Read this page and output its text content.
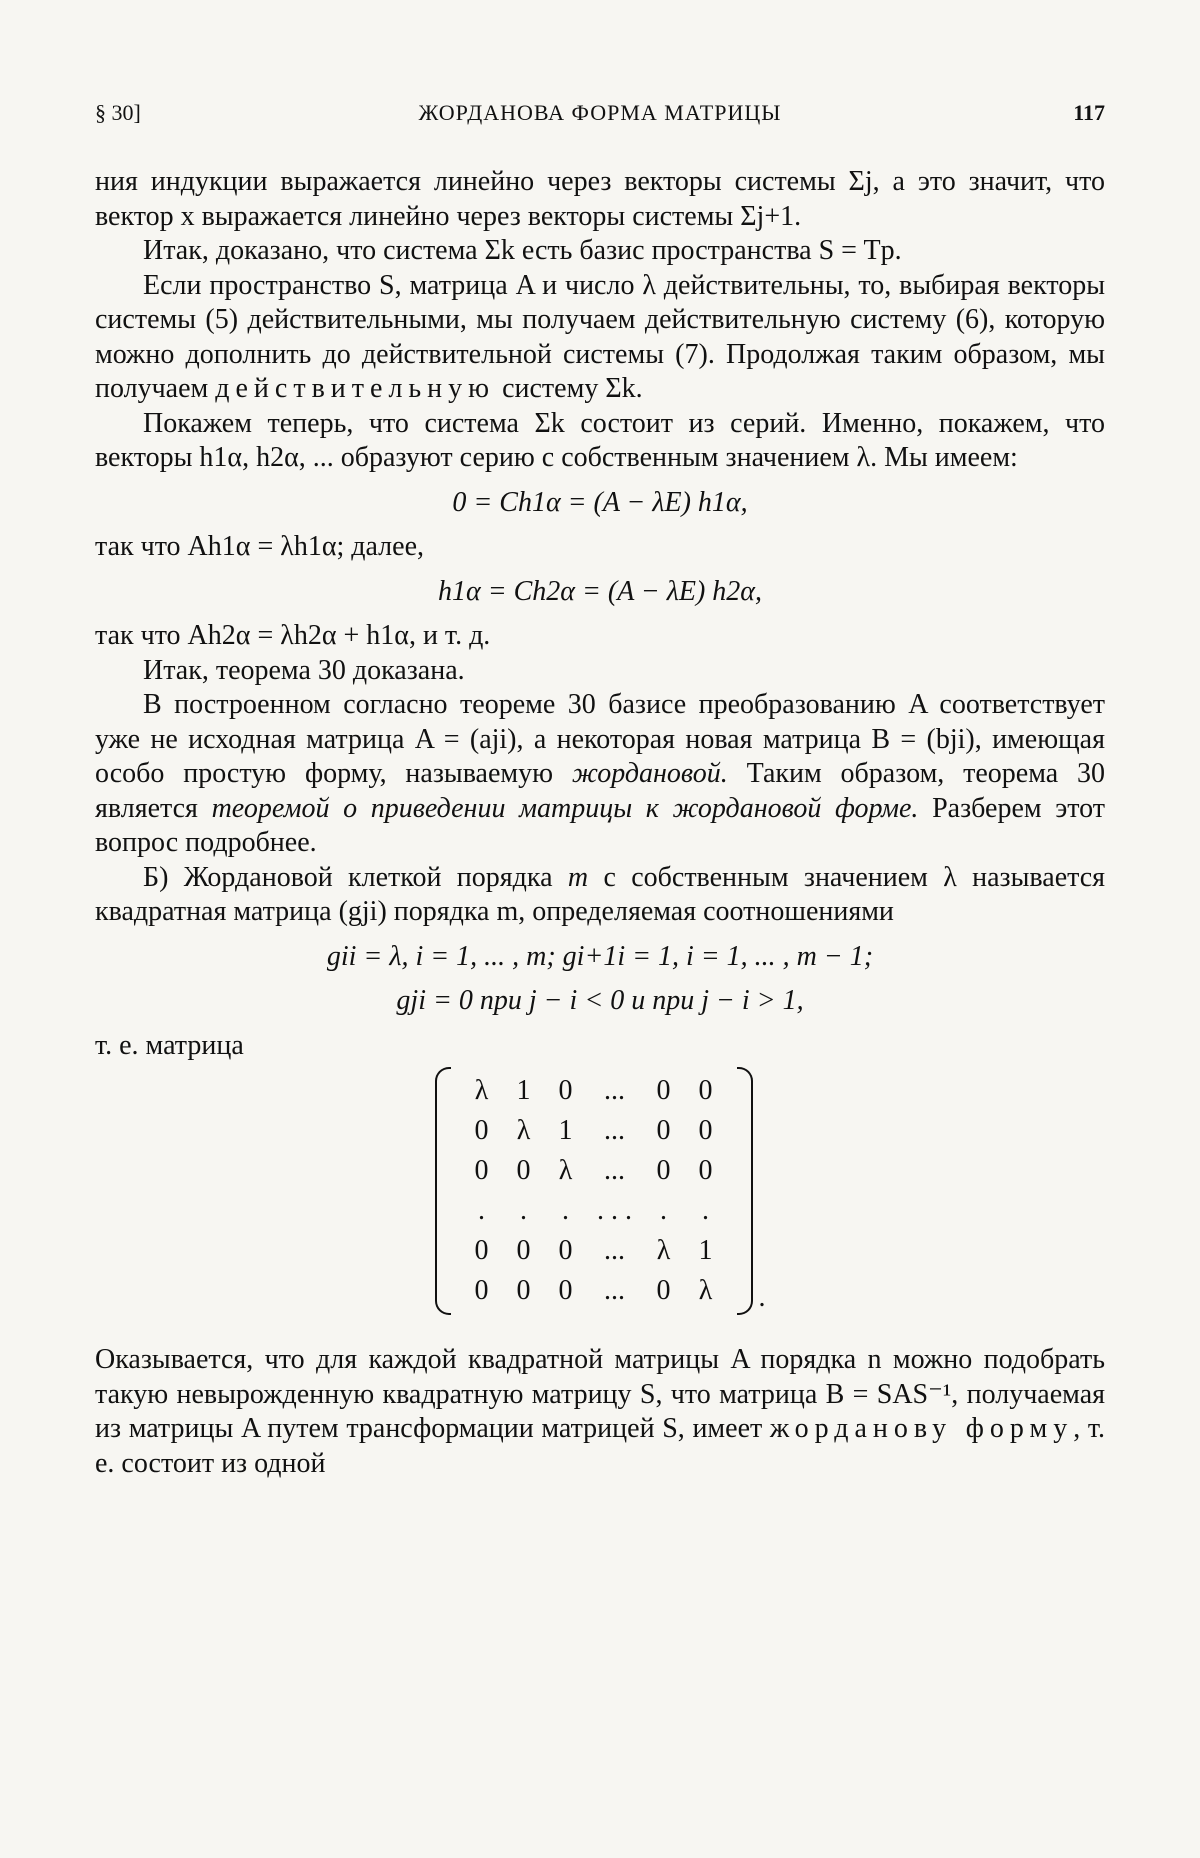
§ 30]	ЖОРДАНОВА ФОРМА МАТРИЦЫ	117

ния индукции выражается линейно через векторы системы Σj, а это значит, что вектор x выражается линейно через векторы системы Σj+1.

Итак, доказано, что система Σk есть базис пространства S = Tp.

Если пространство S, матрица A и число λ действительны, то, выбирая векторы системы (5) действительными, мы получаем действительную систему (6), которую можно дополнить до действительной системы (7). Продолжая таким образом, мы получаем действительную систему Σk.

Покажем теперь, что система Σk состоит из серий. Именно, покажем, что векторы h1α, h2α, ... образуют серию с собственным значением λ. Мы имеем:

0 = Ch1α = (A − λE) h1α,

так что Ah1α = λh1α; далее,

h1α = Ch2α = (A − λE) h2α,

так что Ah2α = λh2α + h1α, и т. д.

Итак, теорема 30 доказана.

В построенном согласно теореме 30 базисе преобразованию A соответствует уже не исходная матрица A = (aji), а некоторая новая матрица B = (bji), имеющая особо простую форму, называемую жордановой. Таким образом, теорема 30 является теоремой о приведении матрицы к жордановой форме. Разберем этот вопрос подробнее.

Б) Жордановой клеткой порядка m с собственным значением λ называется квадратная матрица (gji) порядка m, определяемая соотношениями

gii = λ, i = 1, ... , m; gi+1i = 1, i = 1, ... , m − 1;

gji = 0 при j − i < 0 и при j − i > 1,

т. е. матрица

λ	1	0	...	0	0
0	λ	1	...	0	0
0	0	λ	...	0	0
.	.	.	. . .	.	.
0	0	0	...	λ	1
0	0	0	...	0	λ	.

Оказывается, что для каждой квадратной матрицы A порядка n можно подобрать такую невырожденную квадратную матрицу S, что матрица B = SAS⁻¹, получаемая из матрицы A путем трансформации матрицей S, имеет жорданову форму, т. е. состоит из одной
